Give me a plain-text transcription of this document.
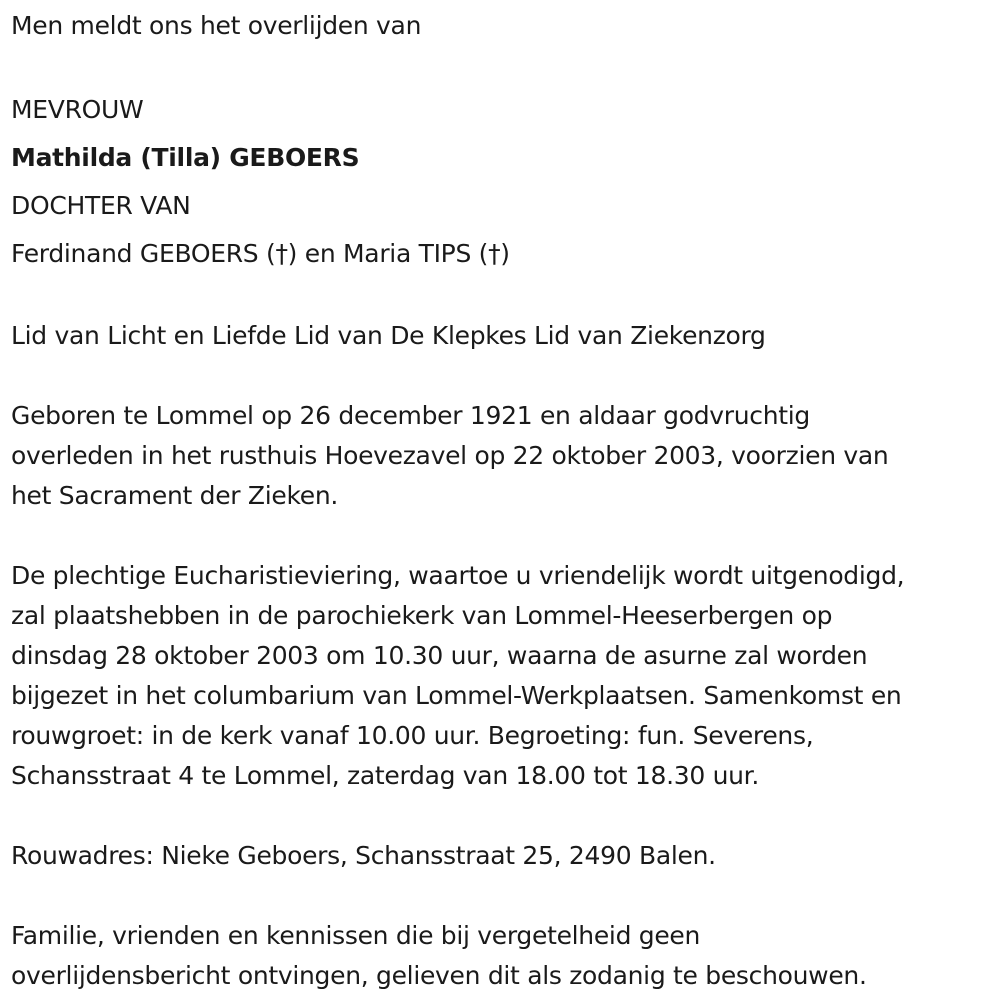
Men meldt ons het overlijden van

MEVROUW

Mathilda (Tilla) GEBOERS

DOCHTER VAN

Ferdinand GEBOERS (†) en Maria TIPS (†)

Lid van Licht en Liefde Lid van De Klepkes Lid van Ziekenzorg

Geboren te Lommel op 26 december 1921 en aldaar godvruchtig

overleden in het rusthuis Hoevezavel op 22 oktober 2003, voorzien van

het Sacrament der Zieken.

De plechtige Eucharistieviering, waartoe u vriendelijk wordt uitgenodigd,

zal plaatshebben in de parochiekerk van Lommel-Heeserbergen op

dinsdag 28 oktober 2003 om 10.30 uur, waarna de asurne zal worden

bijgezet in het columbarium van Lommel-Werkplaatsen. Samenkomst en

rouwgroet: in de kerk vanaf 10.00 uur. Begroeting: fun. Severens,

Schansstraat 4 te Lommel, zaterdag van 18.00 tot 18.30 uur.

Rouwadres: Nieke Geboers, Schansstraat 25, 2490 Balen.

Familie, vrienden en kennissen die bij vergetelheid geen

overlijdensbericht ontvingen, gelieven dit als zodanig te beschouwen.
